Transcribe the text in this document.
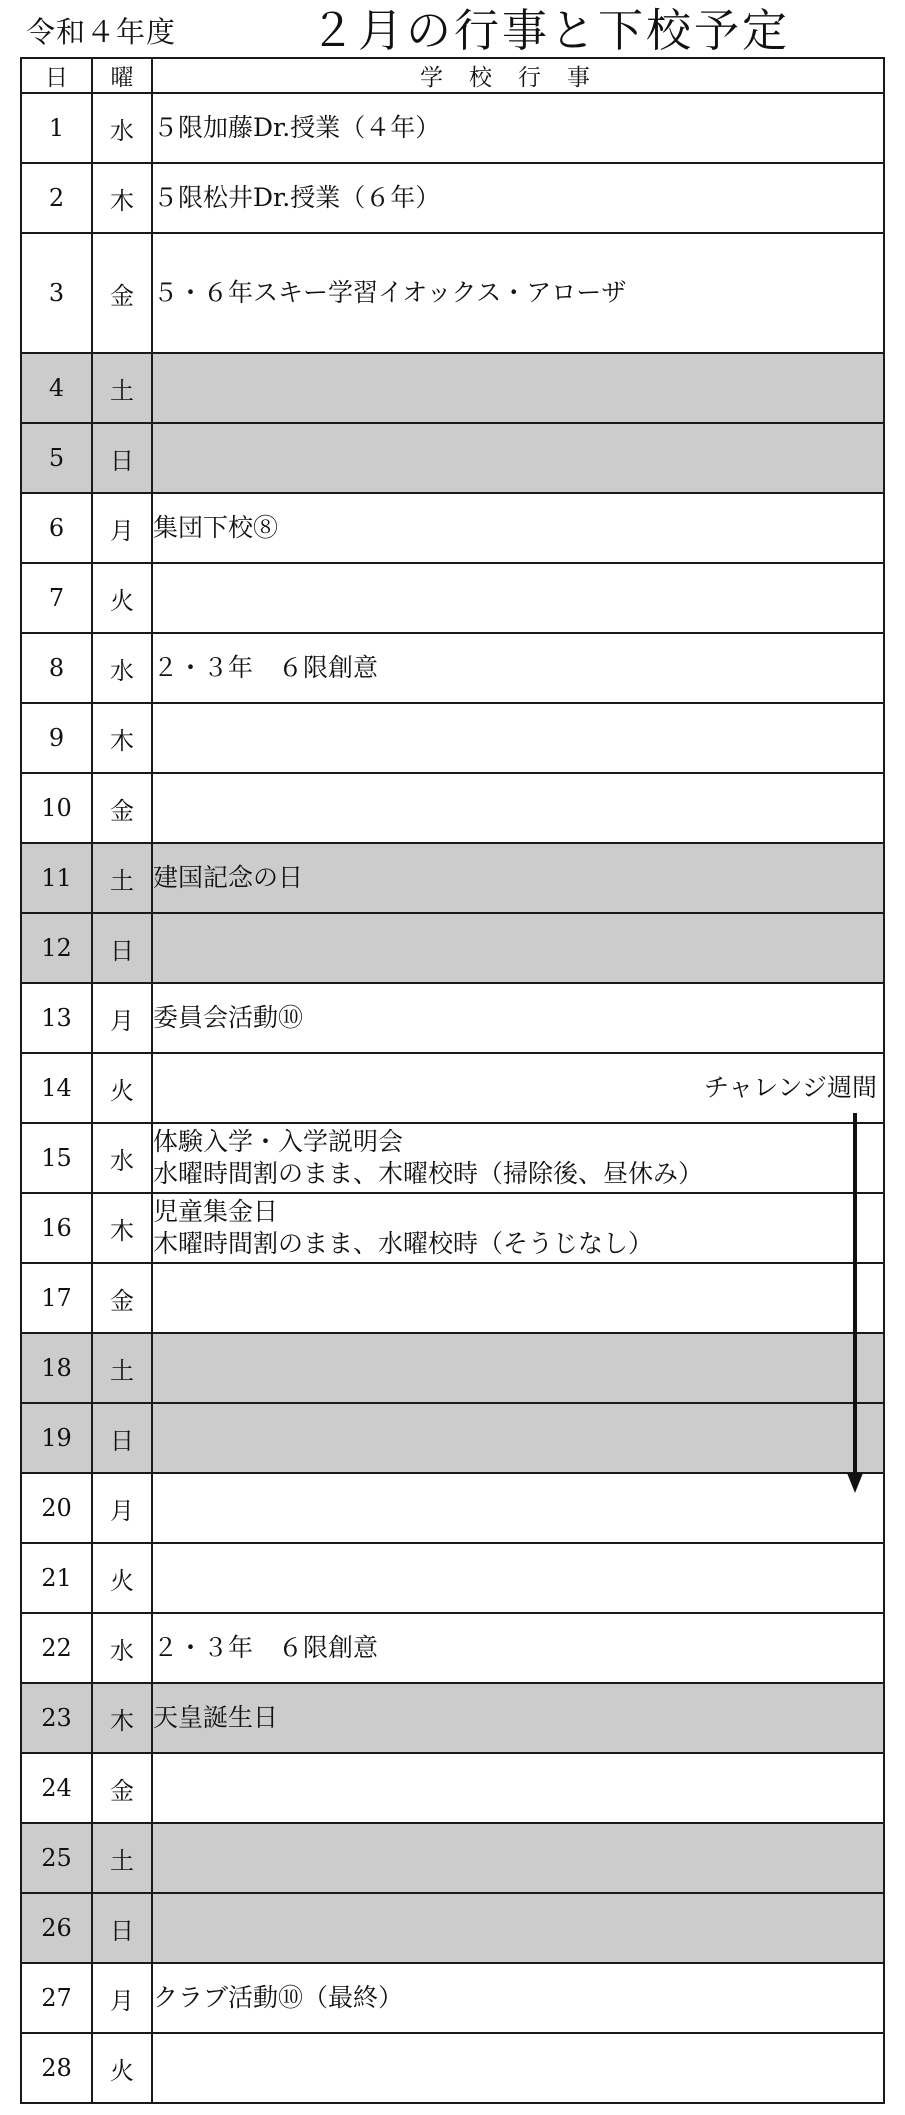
令和４年度	２月の行事と下校予定
日	曜	学校行事
1	水	５限加藤Dr.授業（４年）

2	木	５限松井Dr.授業（６年）

3	金	５・６年スキー学習イオックス・アローザ

4	土	

5	日	

6	月	集団下校⑧

7	火	

8	水	２・３年　６限創意

9	木	

10	金	

11	土	建国記念の日

12	日	

13	月	委員会活動⑩

14	火	チャレンジ週間

15	水	体験入学・入学説明会
水曜時間割のまま、木曜校時（掃除後、昼休み）

16	木	児童集金日
木曜時間割のまま、水曜校時（そうじなし）

17	金	

18	土	

19	日	

20	月	

21	火	

22	水	２・３年　６限創意

23	木	天皇誕生日

24	金	

25	土	

26	日	

27	月	クラブ活動⑩（最終）

28	火	
